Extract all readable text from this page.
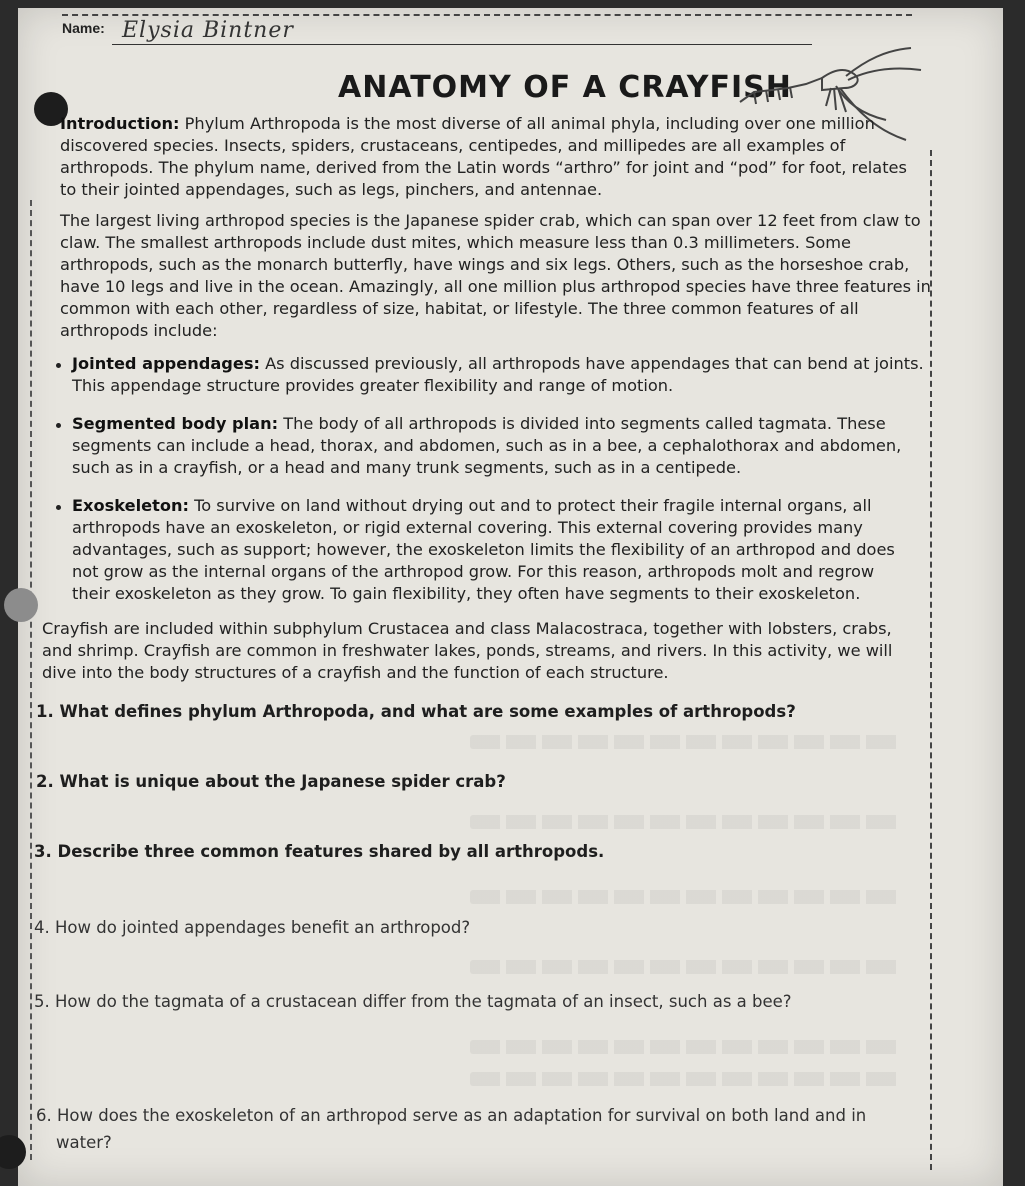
Name: Elysia Bintner
ANATOMY OF A CRAYFISH
Introduction: Phylum Arthropoda is the most diverse of all animal phyla, including over one million
discovered species. Insects, spiders, crustaceans, centipedes, and millipedes are all examples of
arthropods. The phylum name, derived from the Latin words “arthro” for joint and “pod” for foot, relates
to their jointed appendages, such as legs, pinchers, and antennae.
The largest living arthropod species is the Japanese spider crab, which can span over 12 feet from claw to
claw. The smallest arthropods include dust mites, which measure less than 0.3 millimeters. Some
arthropods, such as the monarch butterfly, have wings and six legs. Others, such as the horseshoe crab,
have 10 legs and live in the ocean. Amazingly, all one million plus arthropod species have three features in
common with each other, regardless of size, habitat, or lifestyle. The three common features of all
arthropods include:
Jointed appendages: As discussed previously, all arthropods have appendages that can bend at joints.
This appendage structure provides greater flexibility and range of motion.
Segmented body plan: The body of all arthropods is divided into segments called tagmata. These
segments can include a head, thorax, and abdomen, such as in a bee, a cephalothorax and abdomen,
such as in a crayfish, or a head and many trunk segments, such as in a centipede.
Exoskeleton: To survive on land without drying out and to protect their fragile internal organs, all
arthropods have an exoskeleton, or rigid external covering. This external covering provides many
advantages, such as support; however, the exoskeleton limits the flexibility of an arthropod and does
not grow as the internal organs of the arthropod grow. For this reason, arthropods molt and regrow
their exoskeleton as they grow. To gain flexibility, they often have segments to their exoskeleton.
Crayfish are included within subphylum Crustacea and class Malacostraca, together with lobsters, crabs,
and shrimp. Crayfish are common in freshwater lakes, ponds, streams, and rivers. In this activity, we will
dive into the body structures of a crayfish and the function of each structure.
1. What defines phylum Arthropoda, and what are some examples of arthropods?
2. What is unique about the Japanese spider crab?
3. Describe three common features shared by all arthropods.
4. How do jointed appendages benefit an arthropod?
5. How do the tagmata of a crustacean differ from the tagmata of an insect, such as a bee?
6. How does the exoskeleton of an arthropod serve as an adaptation for survival on both land and in
water?
